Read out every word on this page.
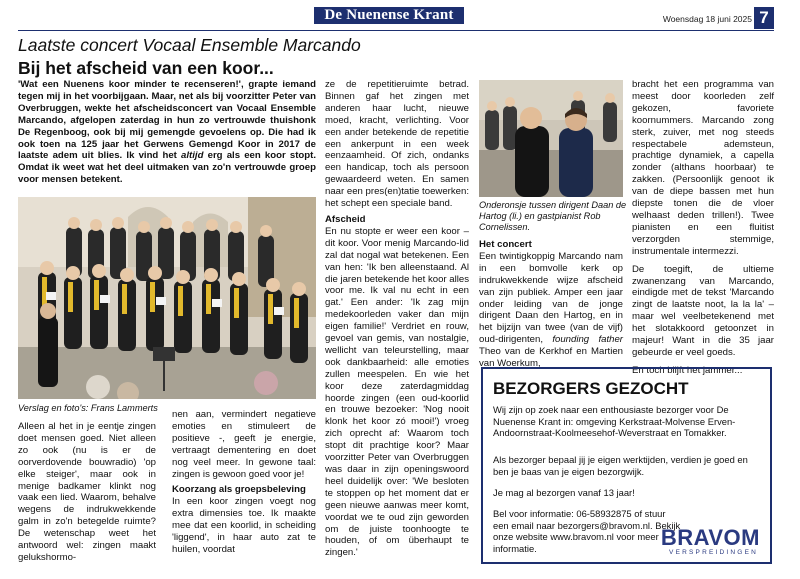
De Nuenense Krant	Woensdag 18 juni 2025 7
Laatste concert Vocaal Ensemble Marcando
Bij het afscheid van een koor...

'Wat een Nuenens koor minder te recenseren!', grapte iemand tegen mij in het voorbijgaan. Maar, net als bij voorzitter Peter van Overbruggen, wekte het afscheidsconcert van Vocaal Ensemble Marcando, afgelopen zaterdag in hun zo vertrouwde thuishonk De Regenboog, ook bij mij gemengde gevoelens op. Die had ik ook toen na 125 jaar het Gerwens Gemengd Koor in 2017 de laatste adem uit blies. Ik vind het altijd erg als een koor stopt. Omdat ik weet wat het deel uitmaken van zo'n vertrouwde groep voor mensen betekent.

Verslag en foto's: Frans Lammerts

Alleen al het in je eentje zingen doet mensen goed. Niet alleen zo ook (nu is er de oorverdovende bouwradio) 'op elke steiger', maar ook in menige badkamer klinkt nog vaak een lied. Waarom, behalve wegens de indrukwekkende galm in zo'n betegelde ruimte? De wetenschap weet het antwoord wel: zingen maakt gelukshormo-

nen aan, vermindert negatieve emoties en stimuleert de positieve -, geeft je energie, vertraagt dementering en doet nog veel meer. In gewone taal: zingen is gewoon goed voor je!

Koorzang als groepsbeleving

In een koor zingen voegt nog extra dimensies toe. Ik maakte mee dat een koorlid, in scheiding 'liggend', in haar auto zat te huilen, voordat

ze de repetitieruimte betrad. Binnen gaf het zingen met anderen haar lucht, nieuwe moed, kracht, verlichting. Voor een ander betekende de repetitie een ankerpunt in een week eenzaamheid. Of zich, ondanks een handicap, toch als persoon gewaardeerd weten. En samen naar een pres(en)tatie toewerken: het schept een speciale band.

Afscheid

En nu stopte er weer een koor – dit koor. Voor menig Marcando-lid zal dat nogal wat betekenen. Een van hen: 'Ik ben alleenstaand. Al die jaren betekende het koor alles voor me. Ik val nu echt in een gat.' Een ander: 'Ik zag mijn medekoorleden vaker dan mijn eigen familie!' Verdriet en rouw, gevoel van gemis, van nostalgie, wellicht van teleurstelling, maar ook dankbaarheid: alle emoties zullen meespelen. En wie het koor deze zaterdagmiddag hoorde zingen (een oud-koorlid en trouwe bezoeker: 'Nog nooit klonk het koor zó mooi!') vroeg zich oprecht af: Waarom toch stopt dit prachtige koor? Maar voorzitter Peter van Overbruggen was daar in zijn openingswoord heel duidelijk over: 'We besloten te stoppen op het moment dat er geen nieuwe aanwas meer komt, voordat we te oud zijn geworden om de juiste toonhoogte te houden, of om überhaupt te zingen.'

Onderonsje tussen dirigent Daan de Hartog (li.) en gastpianist Rob Cornelissen.

Het concert

Een twintigkoppig Marcando nam in een bomvolle kerk op indrukwekkende wijze afscheid van zijn publiek. Amper een jaar onder leiding van de jonge dirigent Daan den Hartog, en in het bijzijn van twee (van de vijf) oud-dirigenten, founding father Theo van de Kerkhof en Martien van Woerkum,

bracht het een programma van meest door koorleden zelf gekozen, favoriete koornummers. Marcando zong sterk, zuiver, met nog steeds respectabele ademsteun, prachtige dynamiek, a capella zonder (althans hoorbaar) te zakken. (Persoonlijk genoot ik van de diepe bassen met hun diepste tonen die de vloer welhaast deden trillen!). Twee pianisten en een fluitist verzorgden stemmige, instrumentale intermezzi.

De toegift, de ultieme zwanenzang van Marcando, eindigde met de tekst 'Marcando zingt de laatste noot, la la la' – maar wel veelbetekenend met het slotakkoord getoonzet in majeur! Want in die 35 jaar gebeurde er veel goeds.

En toch blijft het jammer...

BEZORGERS GEZOCHT
Wij zijn op zoek naar een enthousiaste bezorger voor De Nuenense Krant in: omgeving Kerkstraat-Molvense Erven-Andoornstraat-Koolmeesehof-Weverstraat en Tomakker.
Als bezorger bepaal jij je eigen werktijden, verdien je goed en ben je baas van je eigen bezorgwijk.
Je mag al bezorgen vanaf 13 jaar!
Bel voor informatie: 06-58932875 of stuur een email naar bezorgers@bravom.nl. Bekijk onze website www.bravom.nl voor meer informatie.	BRAVOM
VERSPREIDINGEN
